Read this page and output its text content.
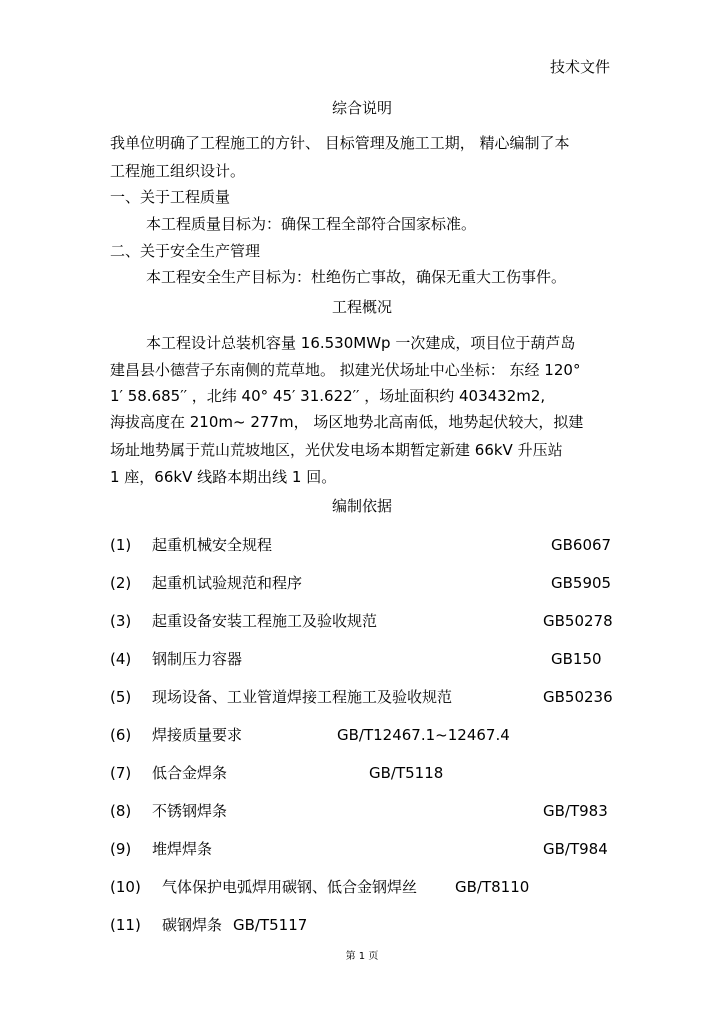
技术文件
综合说明
我单位明确了工程施工的方针、 目标管理及施工工期， 精心编制了本
工程施工组织设计。
一、关于工程质量
本工程质量目标为：确保工程全部符合国家标准。
二、关于安全生产管理
本工程安全生产目标为：杜绝伤亡事故，确保无重大工伤事件。
工程概况
本工程设计总装机容量 16.530MWp 一次建成，项目位于葫芦岛
建昌县小德营子东南侧的荒草地。 拟建光伏场址中心坐标： 东经 120°
1′ 58.685′′ ，北纬 40° 45′ 31.622′′ ，场址面积约 403432m2,
海拔高度在 210m~ 277m， 场区地势北高南低，地势起伏较大，拟建
场址地势属于荒山荒坡地区，光伏发电场本期暂定新建 66kV 升压站
1 座，66kV 线路本期出线 1 回。
编制依据
(1) 起重机械安全规程	GB6067
(2) 起重机试验规范和程序	GB5905
(3) 起重设备安装工程施工及验收规范	GB50278
(4) 钢制压力容器	GB150
(5) 现场设备、工业管道焊接工程施工及验收规范	GB50236
(6) 焊接质量要求	GB/T12467.1~12467.4
(7) 低合金焊条	GB/T5118
(8) 不锈钢焊条	GB/T983
(9) 堆焊焊条	GB/T984
(10) 气体保护电弧焊用碳钢、低合金钢焊丝	GB/T8110
(11) 碳钢焊条 GB/T5117
第 1 页
